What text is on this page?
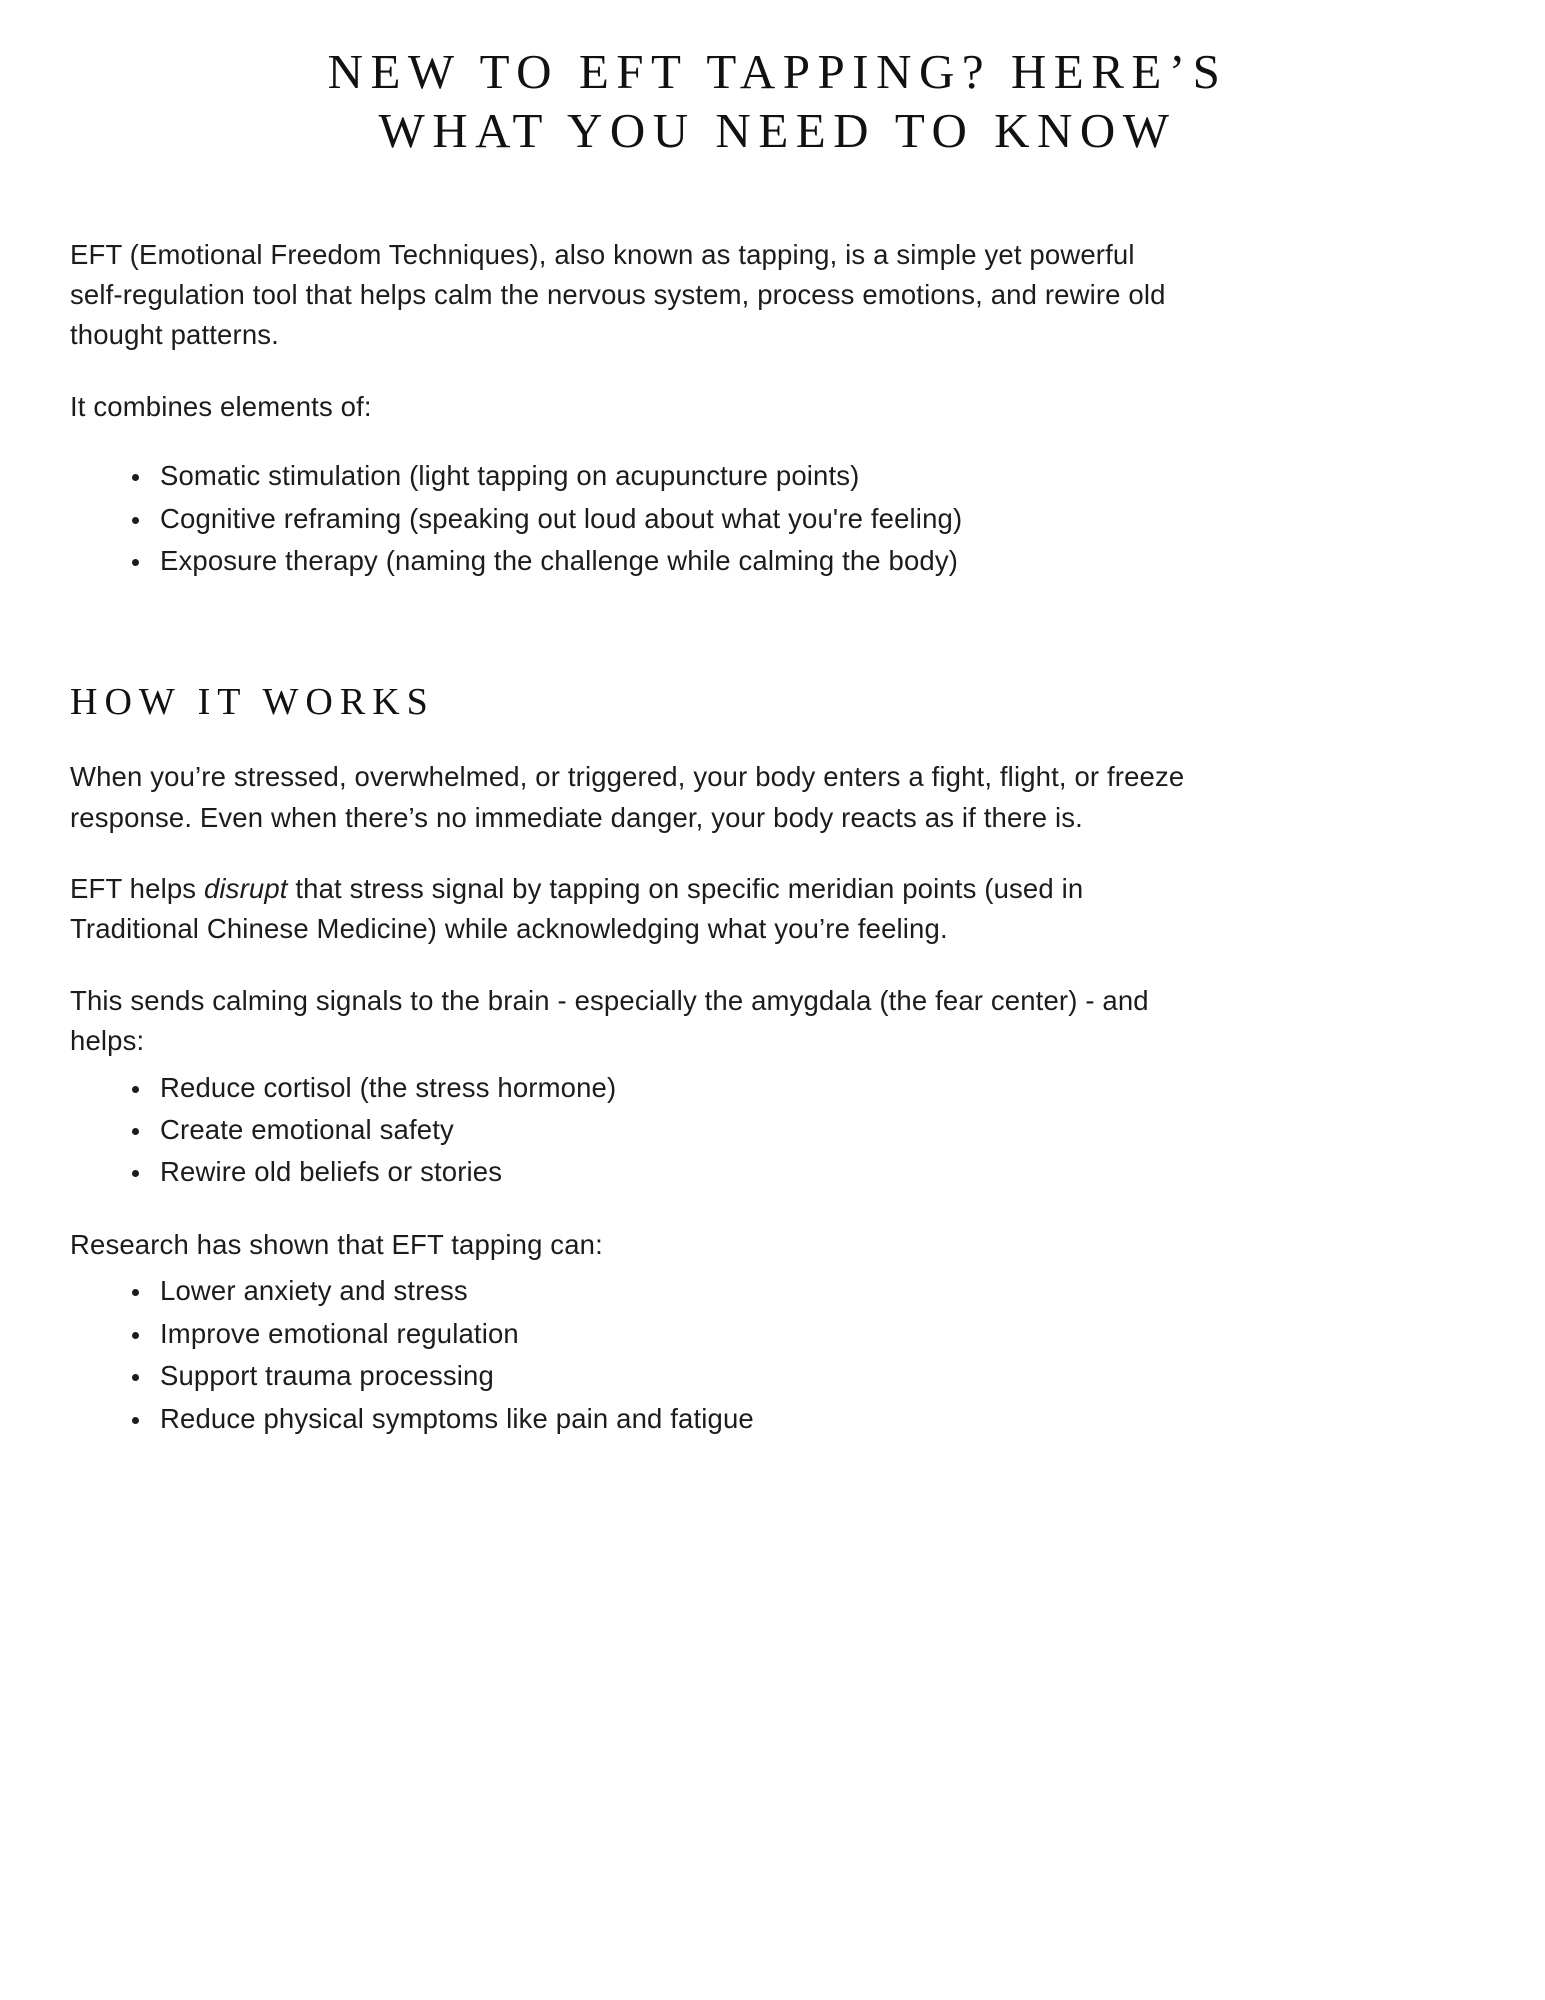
NEW TO EFT TAPPING? HERE’S
WHAT YOU NEED TO KNOW

EFT (Emotional Freedom Techniques), also known as tapping, is a simple yet powerful self-regulation tool that helps calm the nervous system, process emotions, and rewire old thought patterns.

It combines elements of:

Somatic stimulation (light tapping on acupuncture points)
Cognitive reframing (speaking out loud about what you're feeling)
Exposure therapy (naming the challenge while calming the body)
HOW IT WORKS

When you’re stressed, overwhelmed, or triggered, your body enters a fight, flight, or freeze response. Even when there’s no immediate danger, your body reacts as if there is.

EFT helps disrupt that stress signal by tapping on specific meridian points (used in Traditional Chinese Medicine) while acknowledging what you’re feeling.

This sends calming signals to the brain - especially the amygdala (the fear center) - and helps:

Reduce cortisol (the stress hormone)
Create emotional safety
Rewire old beliefs or stories

Research has shown that EFT tapping can:

Lower anxiety and stress
Improve emotional regulation
Support trauma processing
Reduce physical symptoms like pain and fatigue
